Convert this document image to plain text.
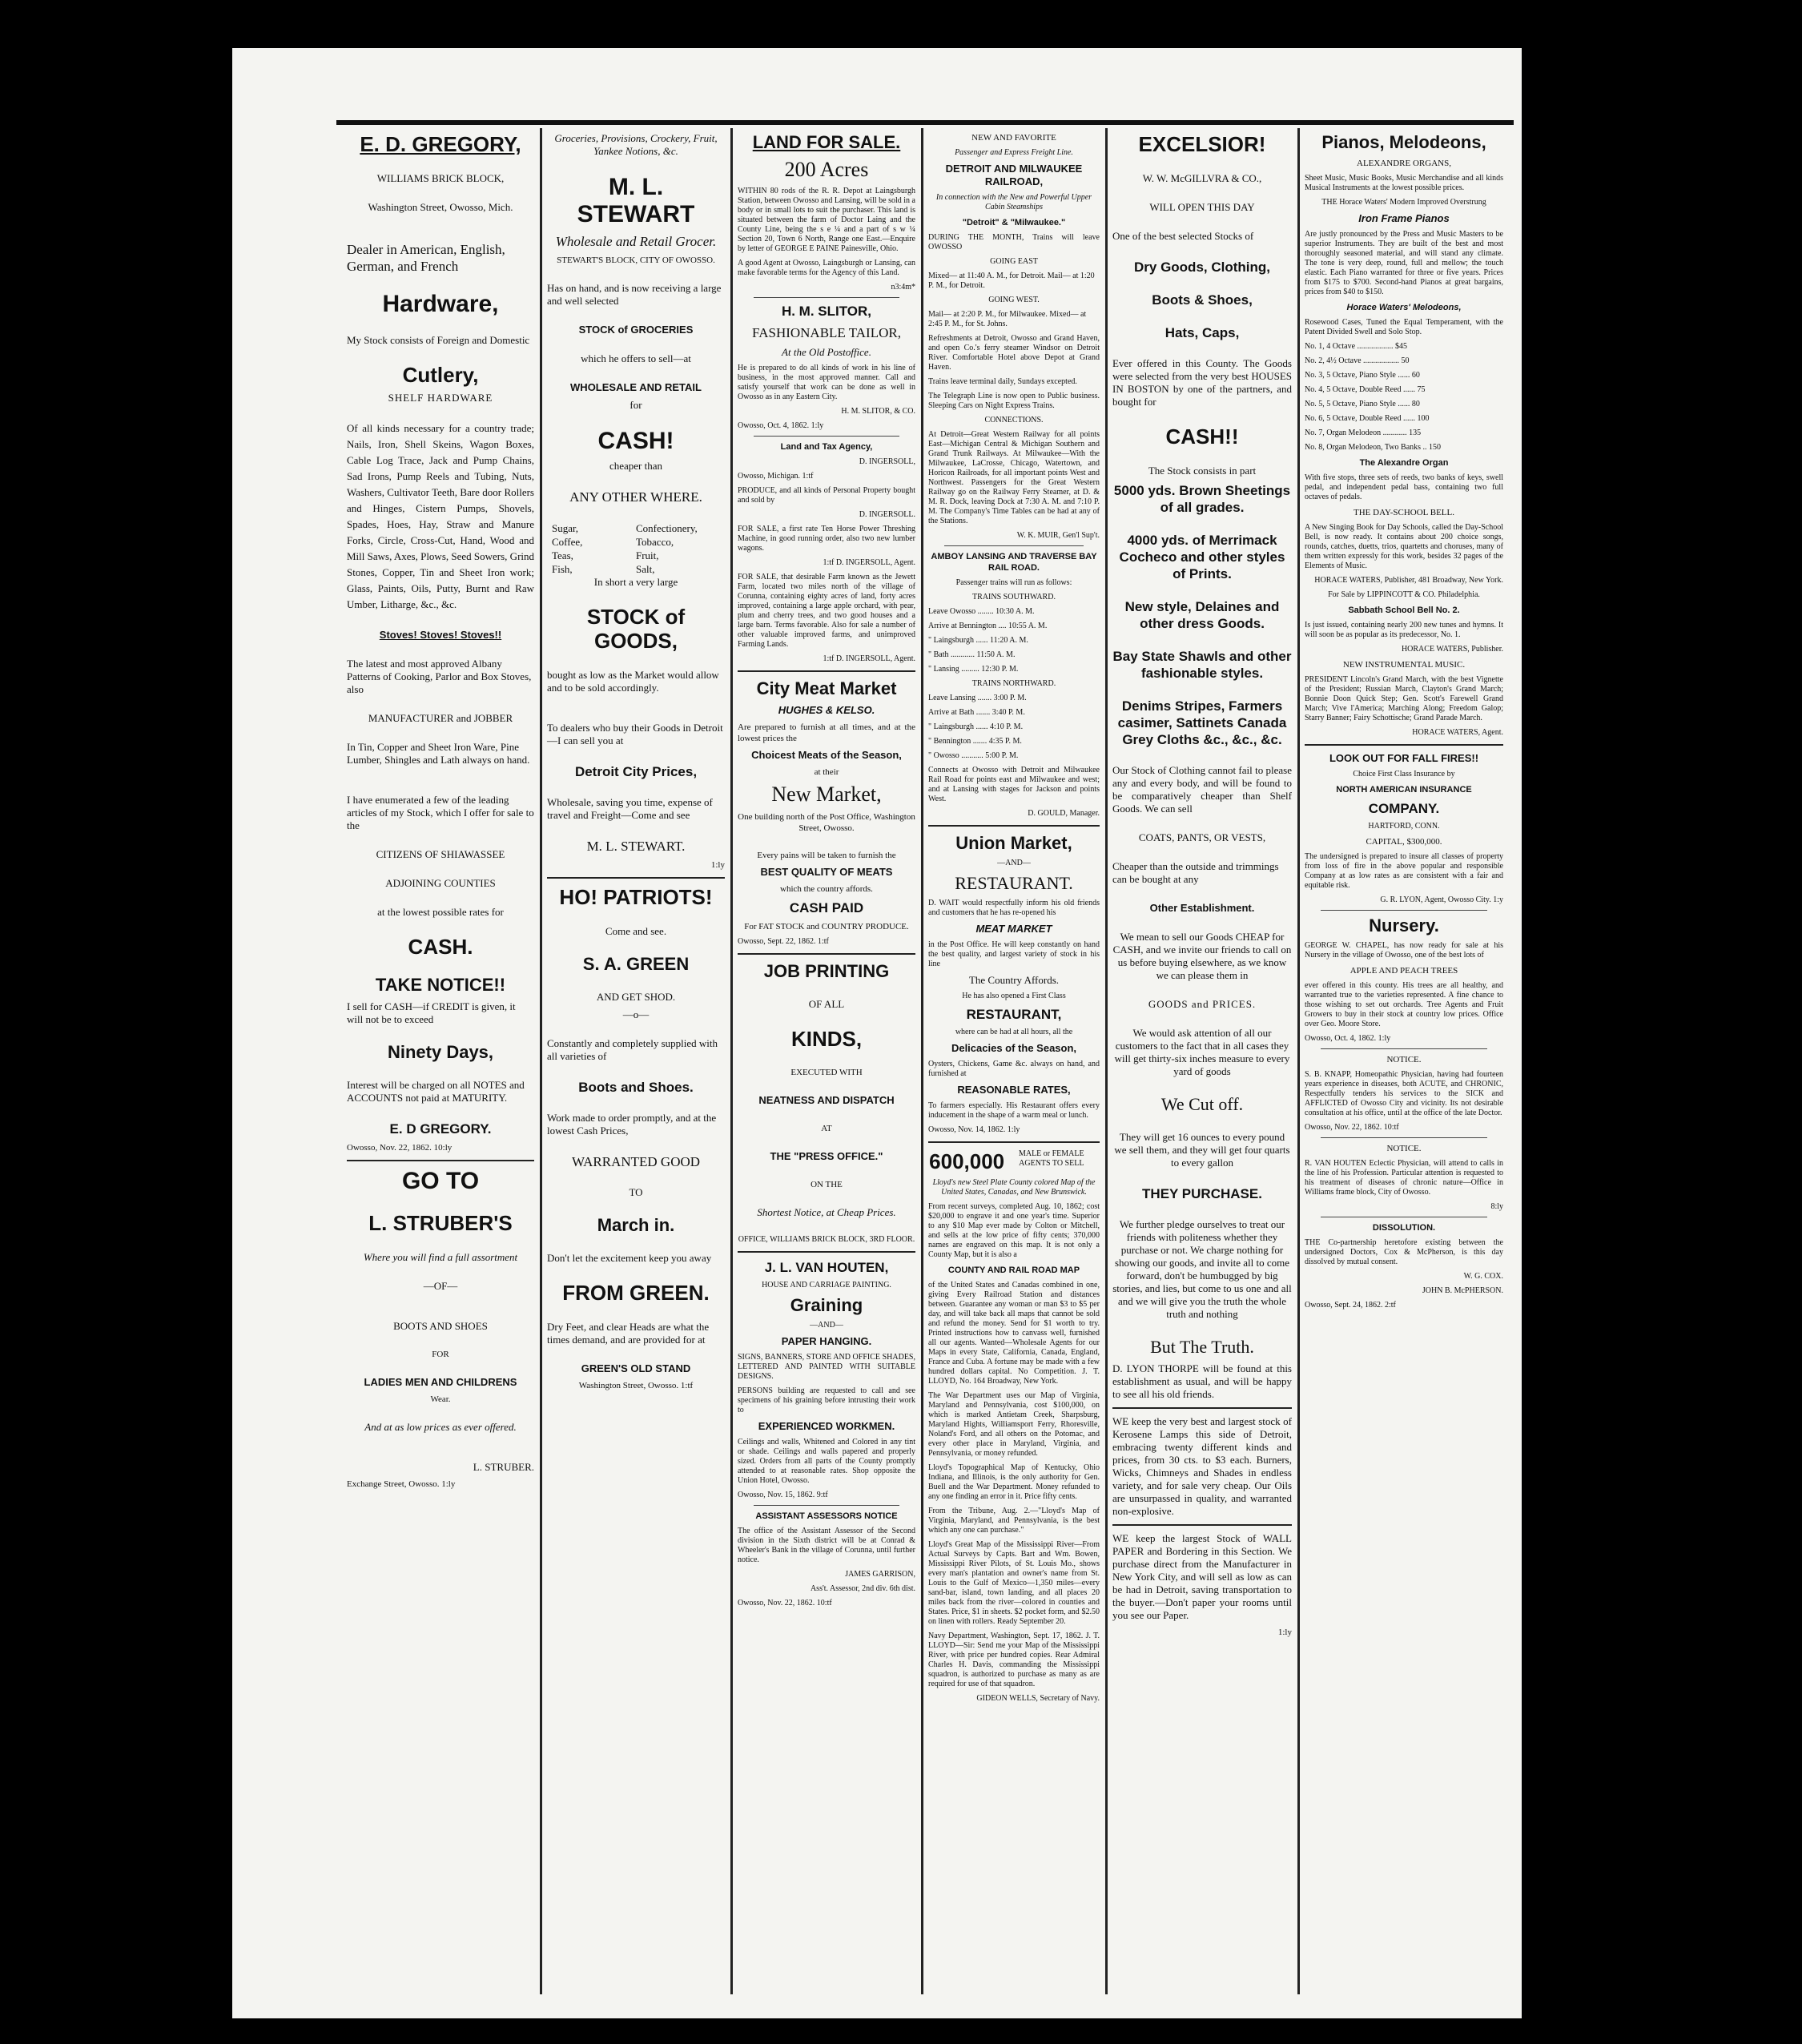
E. D. GREGORY,
WILLIAMS BRICK BLOCK,
Washington Street, Owosso, Mich.
Dealer in American, English, German, and French
Hardware,
My Stock consists of Foreign and Domestic
Cutlery,
SHELF HARDWARE
Of all kinds necessary for a country trade; Nails, Iron, Shell Skeins, Wagon Boxes, Cable Log Trace, Jack and Pump Chains, Sad Irons, Pump Reels and Tubing, Nuts, Washers, Cultivator Teeth, Bare door Rollers and Hinges, Cistern Pumps, Shovels, Spades, Hoes, Hay, Straw and Manure Forks, Circle, Cross-Cut, Hand, Wood and Mill Saws, Axes, Plows, Seed Sowers, Grind Stones, Copper, Tin and Sheet Iron work; Glass, Paints, Oils, Putty, Burnt and Raw Umber, Litharge, &c., &c.
Stoves! Stoves! Stoves!!
The latest and most approved Albany Patterns of Cooking, Parlor and Box Stoves, also
MANUFACTURER and JOBBER
In Tin, Copper and Sheet Iron Ware, Pine Lumber, Shingles and Lath always on hand.
I have enumerated a few of the leading articles of my Stock, which I offer for sale to the
CITIZENS OF SHIAWASSEE
ADJOINING COUNTIES
at the lowest possible rates for
CASH.
TAKE NOTICE!!
I sell for CASH—if CREDIT is given, it will not be to exceed
Ninety Days,
Interest will be charged on all NOTES and ACCOUNTS not paid at MATURITY.
E. D GREGORY.
Owosso, Nov. 22, 1862. 10:ly
GO TO
L. STRUBER'S
Where you will find a full assortment
—OF—
BOOTS AND SHOES
FOR
LADIES MEN AND CHILDRENS
Wear.
And at as low prices as ever offered.
L. STRUBER.
Exchange Street, Owosso. 1:ly
Groceries, Provisions, Crockery, Fruit, Yankee Notions, &c.
M. L. STEWART
Wholesale and Retail Grocer.
STEWART'S BLOCK, CITY OF OWOSSO.
Has on hand, and is now receiving a large and well selected
STOCK of GROCERIES
which he offers to sell—at
WHOLESALE AND RETAIL
for
CASH!
cheaper than
ANY OTHER WHERE.
Sugar,	Confectionery,
Coffee,	Tobacco,
Teas,	Fruit,
Fish,	Salt,
In short a very large
STOCK of GOODS,
bought as low as the Market would allow and to be sold accordingly.
To dealers who buy their Goods in Detroit—I can sell you at
Detroit City Prices,
Wholesale, saving you time, expense of travel and Freight—Come and see
M. L. STEWART.
1:ly
HO! PATRIOTS!
Come and see.
S. A. GREEN
AND GET SHOD.
—o—
Constantly and completely supplied with all varieties of
Boots and Shoes.
Work made to order promptly, and at the lowest Cash Prices,
WARRANTED GOOD
TO
March in.
Don't let the excitement keep you away
FROM GREEN.
Dry Feet, and clear Heads are what the times demand, and are provided for at
GREEN'S OLD STAND
Washington Street, Owosso. 1:tf
LAND FOR SALE.
200 Acres
WITHIN 80 rods of the R. R. Depot at Laingsburgh Station, between Owosso and Lansing, will be sold in a body or in small lots to suit the purchaser. This land is situated between the farm of Doctor Laing and the County Line, being the s e ¼ and a part of s w ¼ Section 20, Town 6 North, Range one East.—Enquire by letter of GEORGE E PAINE Painesville, Ohio.
A good Agent at Owosso, Laingsburgh or Lansing, can make favorable terms for the Agency of this Land.
n3:4m*
H. M. SLITOR,
FASHIONABLE TAILOR,
At the Old Postoffice.
He is prepared to do all kinds of work in his line of business, in the most approved manner. Call and satisfy yourself that work can be done as well in Owosso as in any Eastern City.
H. M. SLITOR, & CO.
Owosso, Oct. 4, 1862. 1:ly
Land and Tax Agency,
D. INGERSOLL,
Owosso, Michigan. 1:tf
PRODUCE, and all kinds of Personal Property bought and sold by
D. INGERSOLL.
FOR SALE, a first rate Ten Horse Power Threshing Machine, in good running order, also two new lumber wagons.
1:tf D. INGERSOLL, Agent.
FOR SALE, that desirable Farm known as the Jewett Farm, located two miles north of the village of Corunna, containing eighty acres of land, forty acres improved, containing a large apple orchard, with pear, plum and cherry trees, and two good houses and a large barn. Terms favorable. Also for sale a number of other valuable improved farms, and unimproved Farming Lands.
1:tf D. INGERSOLL, Agent.
City Meat Market
HUGHES & KELSO.
Are prepared to furnish at all times, and at the lowest prices the
Choicest Meats of the Season,
at their
New Market,
One building north of the Post Office, Washington Street, Owosso.
Every pains will be taken to furnish the
BEST QUALITY OF MEATS
which the country affords.
CASH PAID
For FAT STOCK and COUNTRY PRODUCE.
Owosso, Sept. 22, 1862. 1:tf
JOB PRINTING
OF ALL
KINDS,
EXECUTED WITH
NEATNESS AND DISPATCH
AT
THE "PRESS OFFICE."
ON THE
Shortest Notice, at Cheap Prices.
OFFICE, WILLIAMS BRICK BLOCK, 3RD FLOOR.
J. L. VAN HOUTEN,
HOUSE AND CARRIAGE PAINTING.
Graining
—AND—
PAPER HANGING.
SIGNS, BANNERS, STORE AND OFFICE SHADES, LETTERED AND PAINTED WITH SUITABLE DESIGNS.
PERSONS building are requested to call and see specimens of his graining before intrusting their work to
EXPERIENCED WORKMEN.
Ceilings and walls, Whitened and Colored in any tint or shade. Ceilings and walls papered and properly sized. Orders from all parts of the County promptly attended to at reasonable rates. Shop opposite the Union Hotel, Owosso.
Owosso, Nov. 15, 1862. 9:tf
ASSISTANT ASSESSORS NOTICE
The office of the Assistant Assessor of the Second division in the Sixth district will be at Conrad & Wheeler's Bank in the village of Corunna, until further notice.
JAMES GARRISON,
Ass't. Assessor, 2nd div. 6th dist.
Owosso, Nov. 22, 1862. 10:tf
NEW AND FAVORITE
Passenger and Express Freight Line.
DETROIT AND MILWAUKEE RAILROAD,
In connection with the New and Powerful Upper Cabin Steamships
"Detroit" & "Milwaukee."
DURING THE MONTH, Trains will leave OWOSSO
GOING EAST
Mixed— at 11:40 A. M., for Detroit. Mail— at 1:20 P. M., for Detroit.
GOING WEST.
Mail— at 2:20 P. M., for Milwaukee. Mixed— at 2:45 P. M., for St. Johns.
Refreshments at Detroit, Owosso and Grand Haven, and open Co.'s ferry steamer Windsor on Detroit River. Comfortable Hotel above Depot at Grand Haven.
Trains leave terminal daily, Sundays excepted.
The Telegraph Line is now open to Public business. Sleeping Cars on Night Express Trains.
CONNECTIONS.
At Detroit—Great Western Railway for all points East—Michigan Central & Michigan Southern and Grand Trunk Railways. At Milwaukee—With the Milwaukee, LaCrosse, Chicago, Watertown, and Horicon Railroads, for all important points West and Northwest. Passengers for the Great Western Railway go on the Railway Ferry Steamer, at D. & M. R. Dock, leaving Dock at 7:30 A. M. and 7:10 P. M. The Company's Time Tables can be had at any of the Stations.
W. K. MUIR, Gen'l Sup't.
AMBOY LANSING AND TRAVERSE BAY RAIL ROAD.
Passenger trains will run as follows:
TRAINS SOUTHWARD.
Leave Owosso ........ 10:30 A. M.
Arrive at Bennington .... 10:55 A. M.
" Laingsburgh ...... 11:20 A. M.
" Bath ............ 11:50 A. M.
" Lansing ......... 12:30 P. M.
TRAINS NORTHWARD.
Leave Lansing ....... 3:00 P. M.
Arrive at Bath ....... 3:40 P. M.
" Laingsburgh ...... 4:10 P. M.
" Bennington ....... 4:35 P. M.
" Owosso ........... 5:00 P. M.
Connects at Owosso with Detroit and Milwaukee Rail Road for points east and Milwaukee and west; and at Lansing with stages for Jackson and points West.
D. GOULD, Manager.
Union Market,
—AND—
RESTAURANT.
D. WAIT would respectfully inform his old friends and customers that he has re-opened his
MEAT MARKET
in the Post Office. He will keep constantly on hand the best quality, and largest variety of stock in his line
The Country Affords.
He has also opened a First Class
RESTAURANT,
where can be had at all hours, all the
Delicacies of the Season,
Oysters, Chickens, Game &c. always on hand, and furnished at
REASONABLE RATES,
To farmers especially. His Restaurant offers every inducement in the shape of a warm meal or lunch.
Owosso, Nov. 14, 1862. 1:ly
600,000 MALE or FEMALE AGENTS TO SELL
Lloyd's new Steel Plate County colored Map of the United States, Canadas, and New Brunswick.
From recent surveys, completed Aug. 10, 1862; cost $20,000 to engrave it and one year's time. Superior to any $10 Map ever made by Colton or Mitchell, and sells at the low price of fifty cents; 370,000 names are engraved on this map. It is not only a County Map, but it is also a
COUNTY AND RAIL ROAD MAP
of the United States and Canadas combined in one, giving Every Railroad Station and distances between. Guarantee any woman or man $3 to $5 per day, and will take back all maps that cannot be sold and refund the money. Send for $1 worth to try. Printed instructions how to canvass well, furnished all our agents. Wanted—Wholesale Agents for our Maps in every State, California, Canada, England, France and Cuba. A fortune may be made with a few hundred dollars capital. No Competition. J. T. LLOYD, No. 164 Broadway, New York.
The War Department uses our Map of Virginia, Maryland and Pennsylvania, cost $100,000, on which is marked Antietam Creek, Sharpsburg, Maryland Hights, Williamsport Ferry, Rhoresville, Noland's Ford, and all others on the Potomac, and every other place in Maryland, Virginia, and Pennsylvania, or money refunded.
Lloyd's Topographical Map of Kentucky, Ohio Indiana, and Illinois, is the only authority for Gen. Buell and the War Department. Money refunded to any one finding an error in it. Price fifty cents.
From the Tribune, Aug. 2.—"Lloyd's Map of Virginia, Maryland, and Pennsylvania, is the best which any one can purchase."
Lloyd's Great Map of the Mississippi River—From Actual Surveys by Capts. Bart and Wm. Bowen, Mississippi River Pilots, of St. Louis Mo., shows every man's plantation and owner's name from St. Louis to the Gulf of Mexico—1,350 miles—every sand-bar, island, town landing, and all places 20 miles back from the river—colored in counties and States. Price, $1 in sheets. $2 pocket form, and $2.50 on linen with rollers. Ready September 20.
Navy Department, Washington, Sept. 17, 1862. J. T. LLOYD—Sir: Send me your Map of the Mississippi River, with price per hundred copies. Rear Admiral Charles H. Davis, commanding the Mississippi squadron, is authorized to purchase as many as are required for use of that squadron.
GIDEON WELLS, Secretary of Navy.
EXCELSIOR!
W. W. McGILLVRA & CO.,
WILL OPEN THIS DAY
One of the best selected Stocks of
Dry Goods, Clothing,
Boots & Shoes,
Hats, Caps,
Ever offered in this County. The Goods were selected from the very best HOUSES IN BOSTON by one of the partners, and bought for
CASH!!
The Stock consists in part
5000 yds. Brown Sheetings of all grades.
4000 yds. of Merrimack Cocheco and other styles of Prints.
New style, Delaines and other dress Goods.
Bay State Shawls and other fashionable styles.
Denims Stripes, Farmers casimer, Sattinets Canada Grey Cloths &c., &c., &c.
Our Stock of Clothing cannot fail to please any and every body, and will be found to be comparatively cheaper than Shelf Goods. We can sell
COATS, PANTS, OR VESTS,
Cheaper than the outside and trimmings can be bought at any
Other Establishment.
We mean to sell our Goods CHEAP for CASH, and we invite our friends to call on us before buying elsewhere, as we know we can please them in
GOODS and PRICES.
We would ask attention of all our customers to the fact that in all cases they will get thirty-six inches measure to every yard of goods
We Cut off.
They will get 16 ounces to every pound we sell them, and they will get four quarts to every gallon
THEY PURCHASE.
We further pledge ourselves to treat our friends with politeness whether they purchase or not. We charge nothing for showing our goods, and invite all to come forward, don't be humbugged by big stories, and lies, but come to us one and all and we will give you the truth the whole truth and nothing
But The Truth.
D. LYON THORPE will be found at this establishment as usual, and will be happy to see all his old friends.
WE keep the very best and largest stock of Kerosene Lamps this side of Detroit, embracing twenty different kinds and prices, from 30 cts. to $3 each. Burners, Wicks, Chimneys and Shades in endless variety, and for sale very cheap. Our Oils are unsurpassed in quality, and warranted non-explosive.
WE keep the largest Stock of WALL PAPER and Bordering in this Section. We purchase direct from the Manufacturer in New York City, and will sell as low as can be had in Detroit, saving transportation to the buyer.—Don't paper your rooms until you see our Paper.
1:ly
Pianos, Melodeons,
ALEXANDRE ORGANS,
Sheet Music, Music Books, Music Merchandise and all kinds Musical Instruments at the lowest possible prices.
THE Horace Waters' Modern Improved Overstrung
Iron Frame Pianos
Are justly pronounced by the Press and Music Masters to be superior Instruments. They are built of the best and most thoroughly seasoned material, and will stand any climate. The tone is very deep, round, full and mellow; the touch elastic. Each Piano warranted for three or five years. Prices from $175 to $700. Second-hand Pianos at great bargains, prices from $40 to $150.
Horace Waters' Melodeons,
Rosewood Cases, Tuned the Equal Temperament, with the Patent Divided Swell and Solo Stop.
No. 1, 4 Octave .................. $45
No. 2, 4½ Octave .................. 50
No. 3, 5 Octave, Piano Style ...... 60
No. 4, 5 Octave, Double Reed ...... 75
No. 5, 5 Octave, Piano Style ...... 80
No. 6, 5 Octave, Double Reed ...... 100
No. 7, Organ Melodeon ............ 135
No. 8, Organ Melodeon, Two Banks .. 150
The Alexandre Organ
With five stops, three sets of reeds, two banks of keys, swell pedal, and independent pedal bass, containing two full octaves of pedals.
THE DAY-SCHOOL BELL.
A New Singing Book for Day Schools, called the Day-School Bell, is now ready. It contains about 200 choice songs, rounds, catches, duetts, trios, quartetts and choruses, many of them written expressly for this work, besides 32 pages of the Elements of Music.
HORACE WATERS, Publisher, 481 Broadway, New York.
For Sale by LIPPINCOTT & CO. Philadelphia.
Sabbath School Bell No. 2.
Is just issued, containing nearly 200 new tunes and hymns. It will soon be as popular as its predecessor, No. 1.
HORACE WATERS, Publisher.
NEW INSTRUMENTAL MUSIC.
PRESIDENT Lincoln's Grand March, with the best Vignette of the President; Russian March, Clayton's Grand March; Bonnie Doon Quick Step; Gen. Scott's Farewell Grand March; Vive l'America; Marching Along; Freedom Galop; Starry Banner; Fairy Schottische; Grand Parade March.
HORACE WATERS, Agent.
LOOK OUT FOR FALL FIRES!!
Choice First Class Insurance by
NORTH AMERICAN INSURANCE
COMPANY.
HARTFORD, CONN.
CAPITAL, $300,000.
The undersigned is prepared to insure all classes of property from loss of fire in the above popular and responsible Company at as low rates as are consistent with a fair and equitable risk.
G. R. LYON, Agent, Owosso City. 1:y
Nursery.
GEORGE W. CHAPEL, has now ready for sale at his Nursery in the village of Owosso, one of the best lots of
APPLE AND PEACH TREES
ever offered in this county. His trees are all healthy, and warranted true to the varieties represented. A fine chance to those wishing to set out orchards. Tree Agents and Fruit Growers to buy in their stock at country low prices. Office over Geo. Moore Store.
Owosso, Oct. 4, 1862. 1:ly
NOTICE.
S. B. KNAPP, Homeopathic Physician, having had fourteen years experience in diseases, both ACUTE, and CHRONIC, Respectfully tenders his services to the SICK and AFFLICTED of Owosso City and vicinity. Its not desirable consultation at his office, until at the office of the late Doctor.
Owosso, Nov. 22, 1862. 10:tf
NOTICE.
R. VAN HOUTEN Eclectic Physician, will attend to calls in the line of his Profession. Particular attention is requested to his treatment of diseases of chronic nature—Office in Williams frame block, City of Owosso.
8:ly
DISSOLUTION.
THE Co-partnership heretofore existing between the undersigned Doctors, Cox & McPherson, is this day dissolved by mutual consent.
W. G. COX.
JOHN B. McPHERSON.
Owosso, Sept. 24, 1862. 2:tf
